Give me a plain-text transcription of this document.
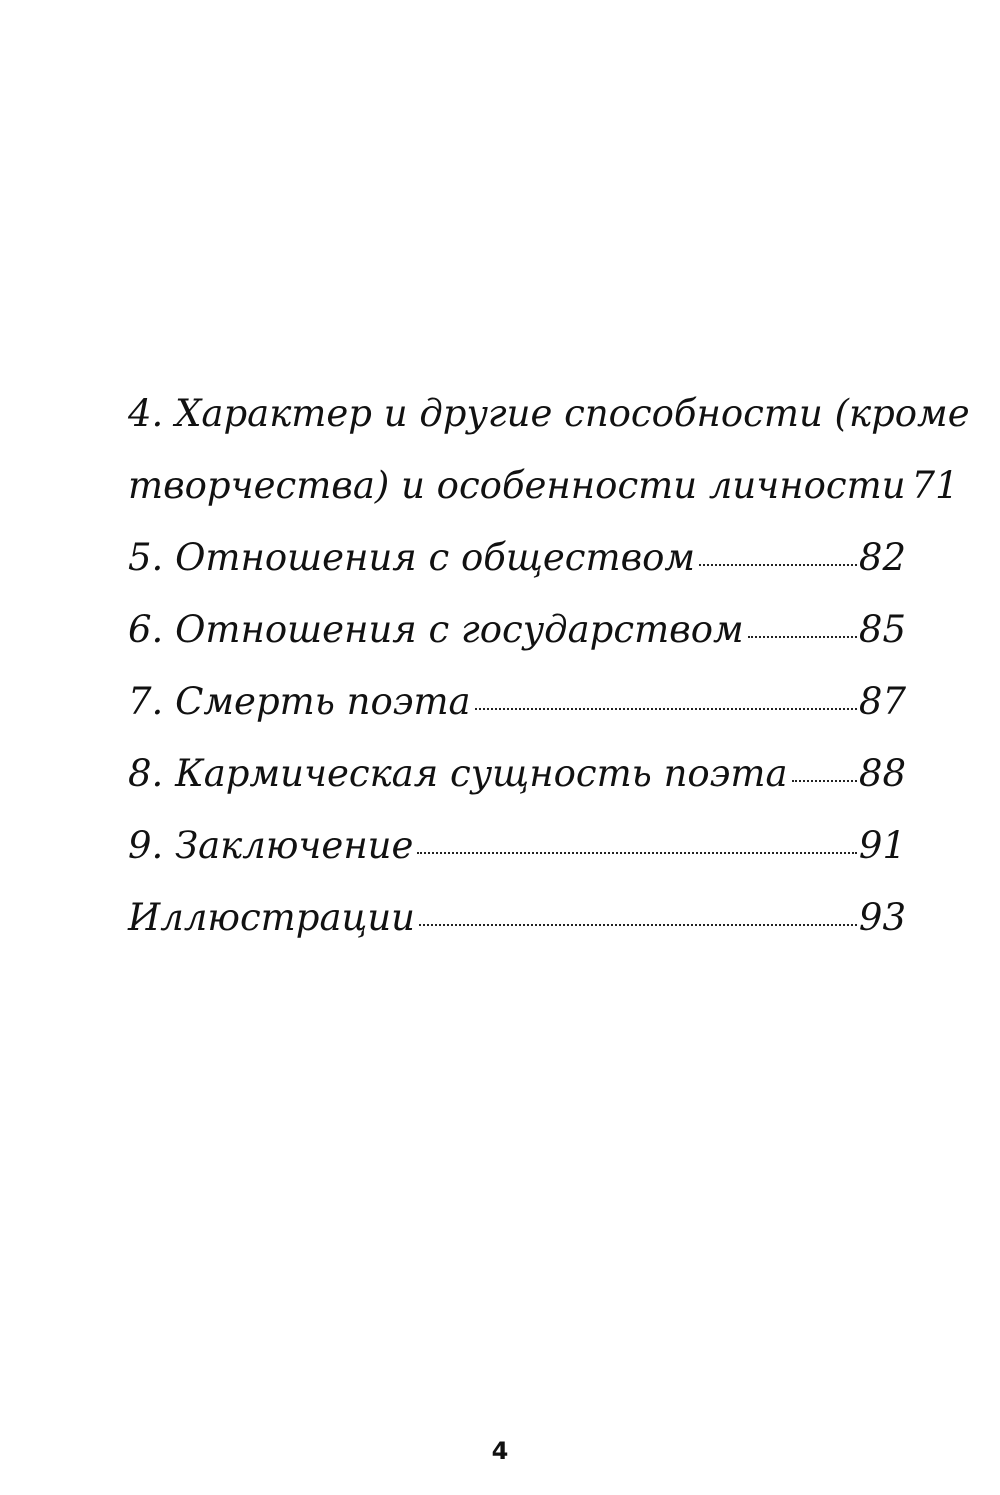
4. Характер и другие способности (кроме
творчества) и особенности личности 71
5. Отношения с обществом	82
6. Отношения с государством	85
7. Смерть поэта	87
8. Кармическая сущность поэта 88
9. Заключение	91
Иллюстрации	93
4
